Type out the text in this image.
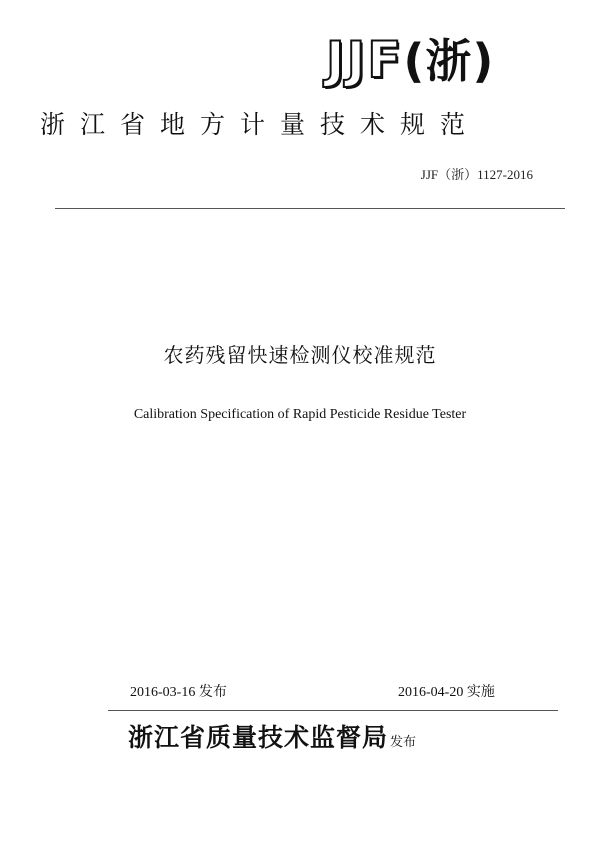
JJF(浙)
浙江省地方计量技术规范
JJF（浙）1127-2016
农药残留快速检测仪校准规范
Calibration Specification of Rapid Pesticide Residue Tester
2016-03-16 发布	2016-04-20 实施
浙江省质量技术监督局 发布
